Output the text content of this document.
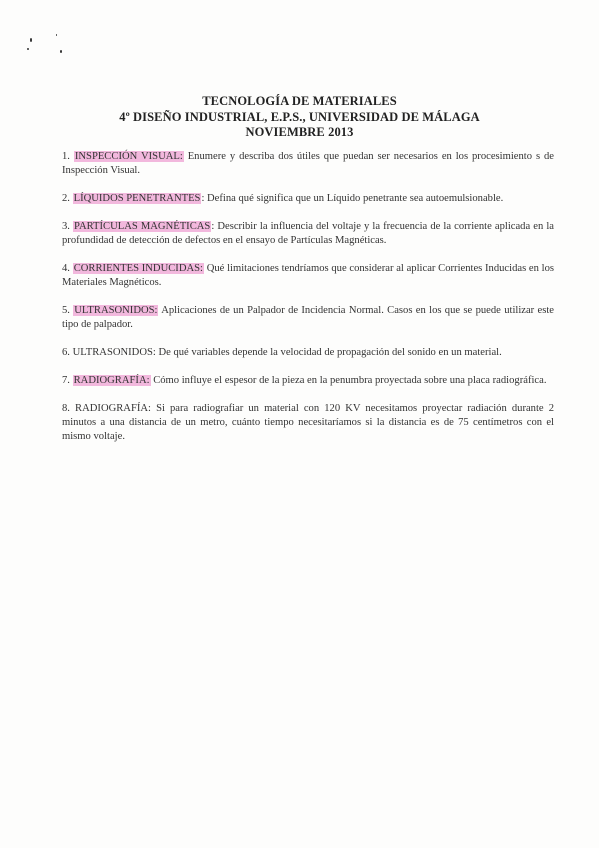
TECNOLOGÍA DE MATERIALES
4º DISEÑO INDUSTRIAL, E.P.S., UNIVERSIDAD DE MÁLAGA
NOVIEMBRE 2013

1. INSPECCIÓN VISUAL: Enumere y describa dos útiles que puedan ser necesarios en los procesimiento s de Inspección Visual.

2. LÍQUIDOS PENETRANTES: Defina qué significa que un Líquido penetrante sea autoemulsionable.

3. PARTÍCULAS MAGNÉTICAS: Describir la influencia del voltaje y la frecuencia de la corriente aplicada en la profundidad de detección de defectos en el ensayo de Partículas Magnéticas.

4. CORRIENTES INDUCIDAS: Qué limitaciones tendríamos que considerar al aplicar Corrientes Inducidas en los Materiales Magnéticos.

5. ULTRASONIDOS: Aplicaciones de un Palpador de Incidencia Normal. Casos en los que se puede utilizar este tipo de palpador.

6. ULTRASONIDOS: De qué variables depende la velocidad de propagación del sonido en un material.

7. RADIOGRAFÍA: Cómo influye el espesor de la pieza en la penumbra proyectada sobre una placa radiográfica.

8. RADIOGRAFÍA: Si para radiografiar un material con 120 KV necesitamos proyectar radiación durante 2 minutos a una distancia de un metro, cuánto tiempo necesitaríamos si la distancia es de 75 centímetros con el mismo voltaje.
